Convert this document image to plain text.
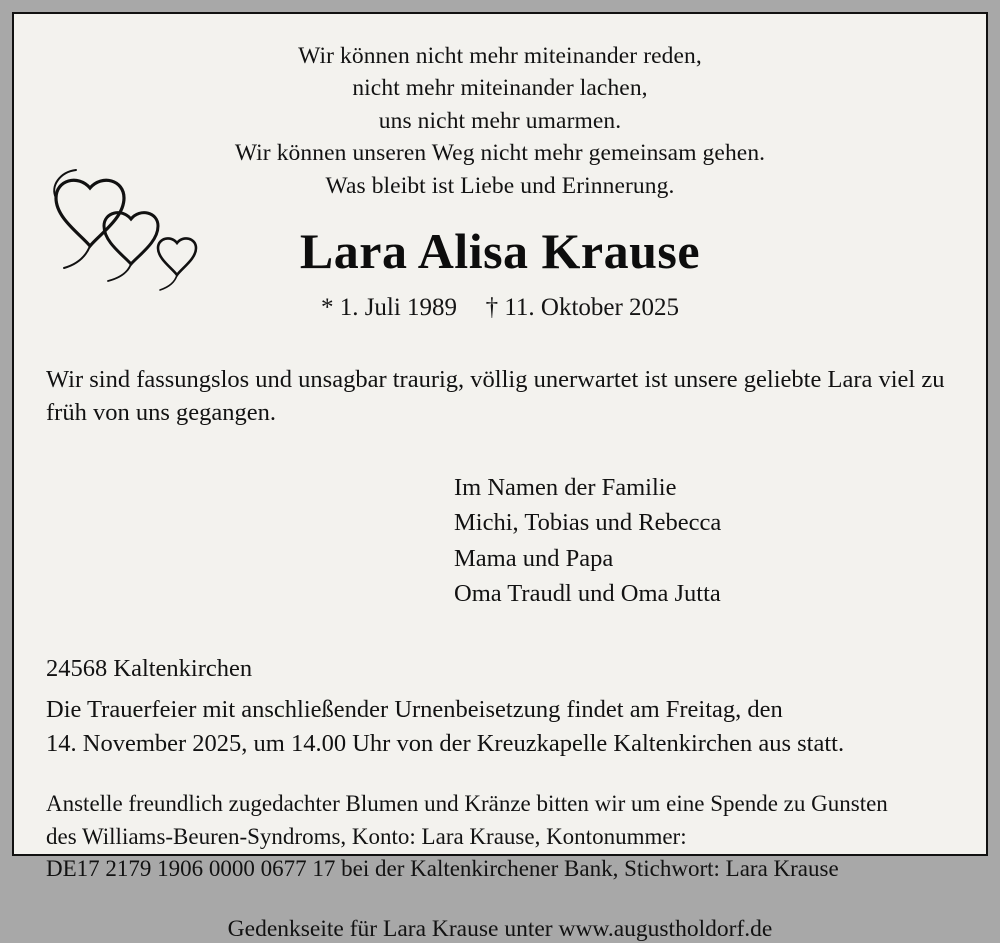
Wir können nicht mehr miteinander reden,
nicht mehr miteinander lachen,
uns nicht mehr umarmen.
Wir können unseren Weg nicht mehr gemeinsam gehen.
Was bleibt ist Liebe und Erinnerung.
Lara Alisa Krause
* 1. Juli 1989 † 11. Oktober 2025
Wir sind fassungslos und unsagbar traurig, völlig unerwartet ist unsere geliebte Lara viel zu früh von uns gegangen.
Im Namen der Familie
Michi, Tobias und Rebecca
Mama und Papa
Oma Traudl und Oma Jutta
24568 Kaltenkirchen
Die Trauerfeier mit anschließender Urnenbeisetzung findet am Freitag, den
14. November 2025, um 14.00 Uhr von der Kreuzkapelle Kaltenkirchen aus statt.
Anstelle freundlich zugedachter Blumen und Kränze bitten wir um eine Spende zu Gunsten
des Williams-Beuren-Syndroms, Konto: Lara Krause, Kontonummer:
DE17 2179 1906 0000 0677 17 bei der Kaltenkirchener Bank, Stichwort: Lara Krause
Gedenkseite für Lara Krause unter www.augustholdorf.de
